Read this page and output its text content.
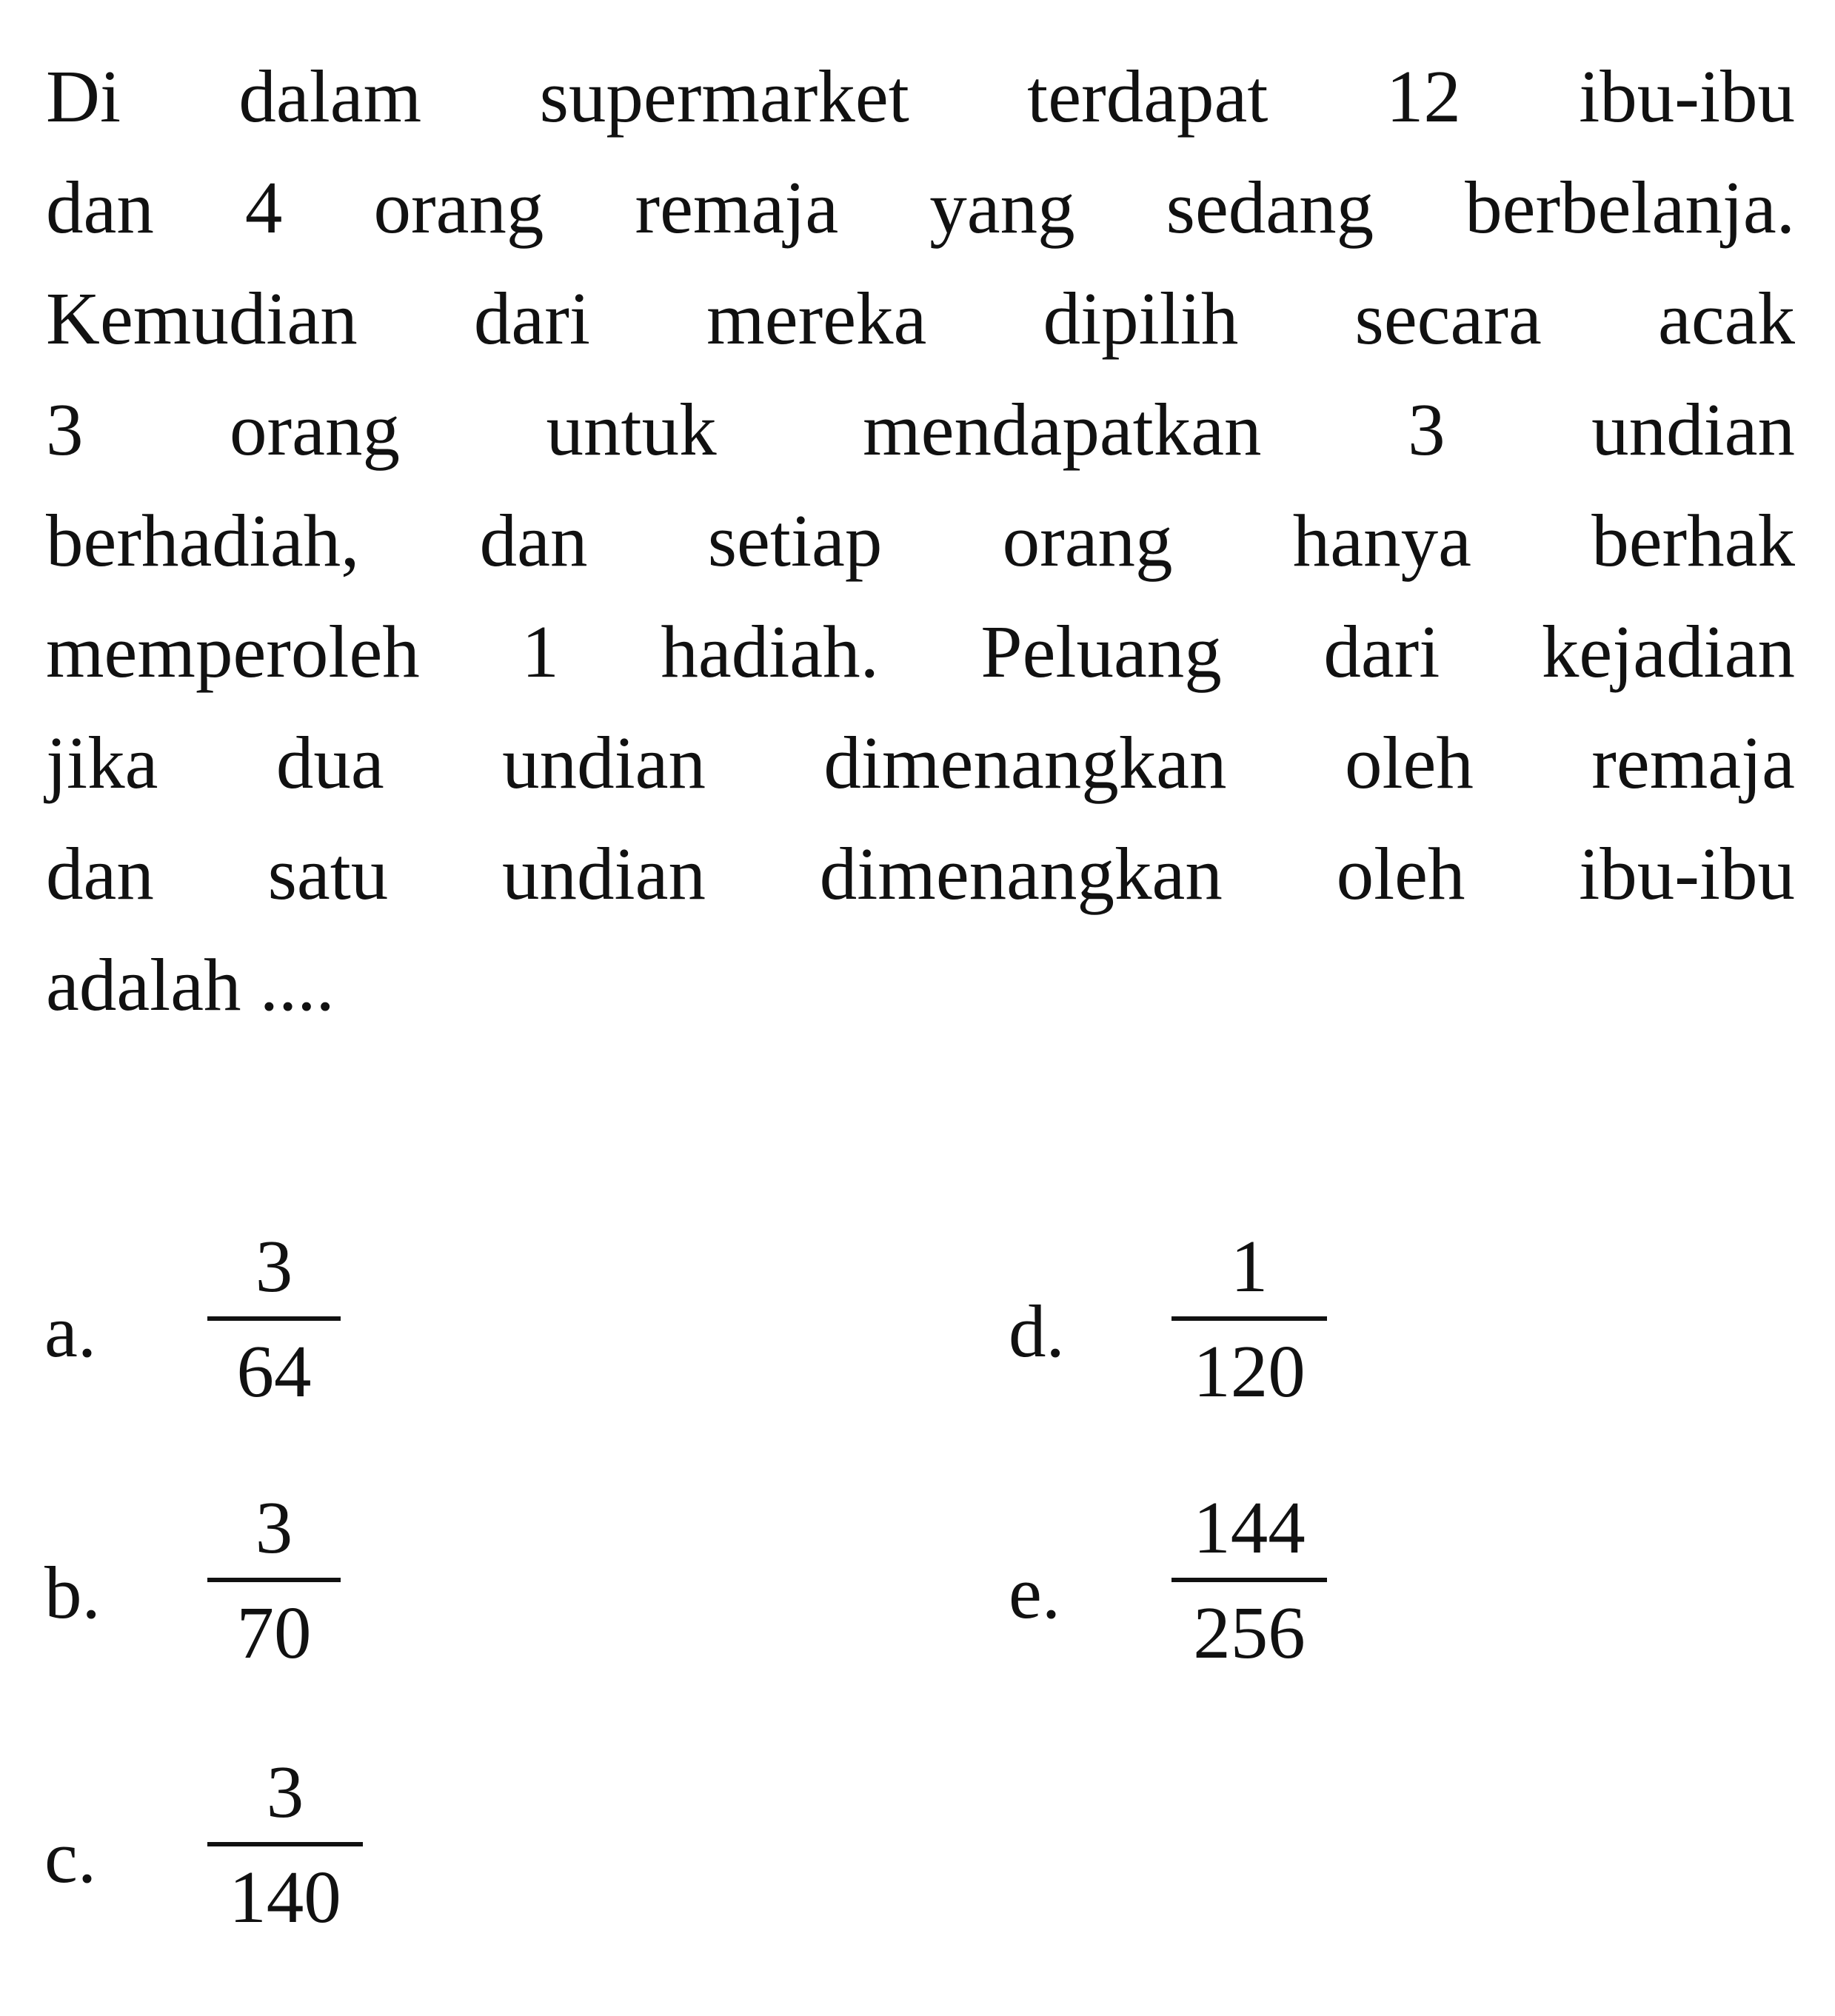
Di dalam supermarket terdapat 12 ibu-ibu
dan 4 orang remaja yang sedang berbelanja.
Kemudian dari mereka dipilih secara acak
3 orang untuk mendapatkan 3 undian
berhadiah, dan setiap orang hanya berhak
memperoleh 1 hadiah. Peluang dari kejadian
jika dua undian dimenangkan oleh remaja
dan satu undian dimenangkan oleh ibu-ibu
adalah ....
a.
3
64
b.
3
70
c.
3
140
d.
1
120
e.
144
256
